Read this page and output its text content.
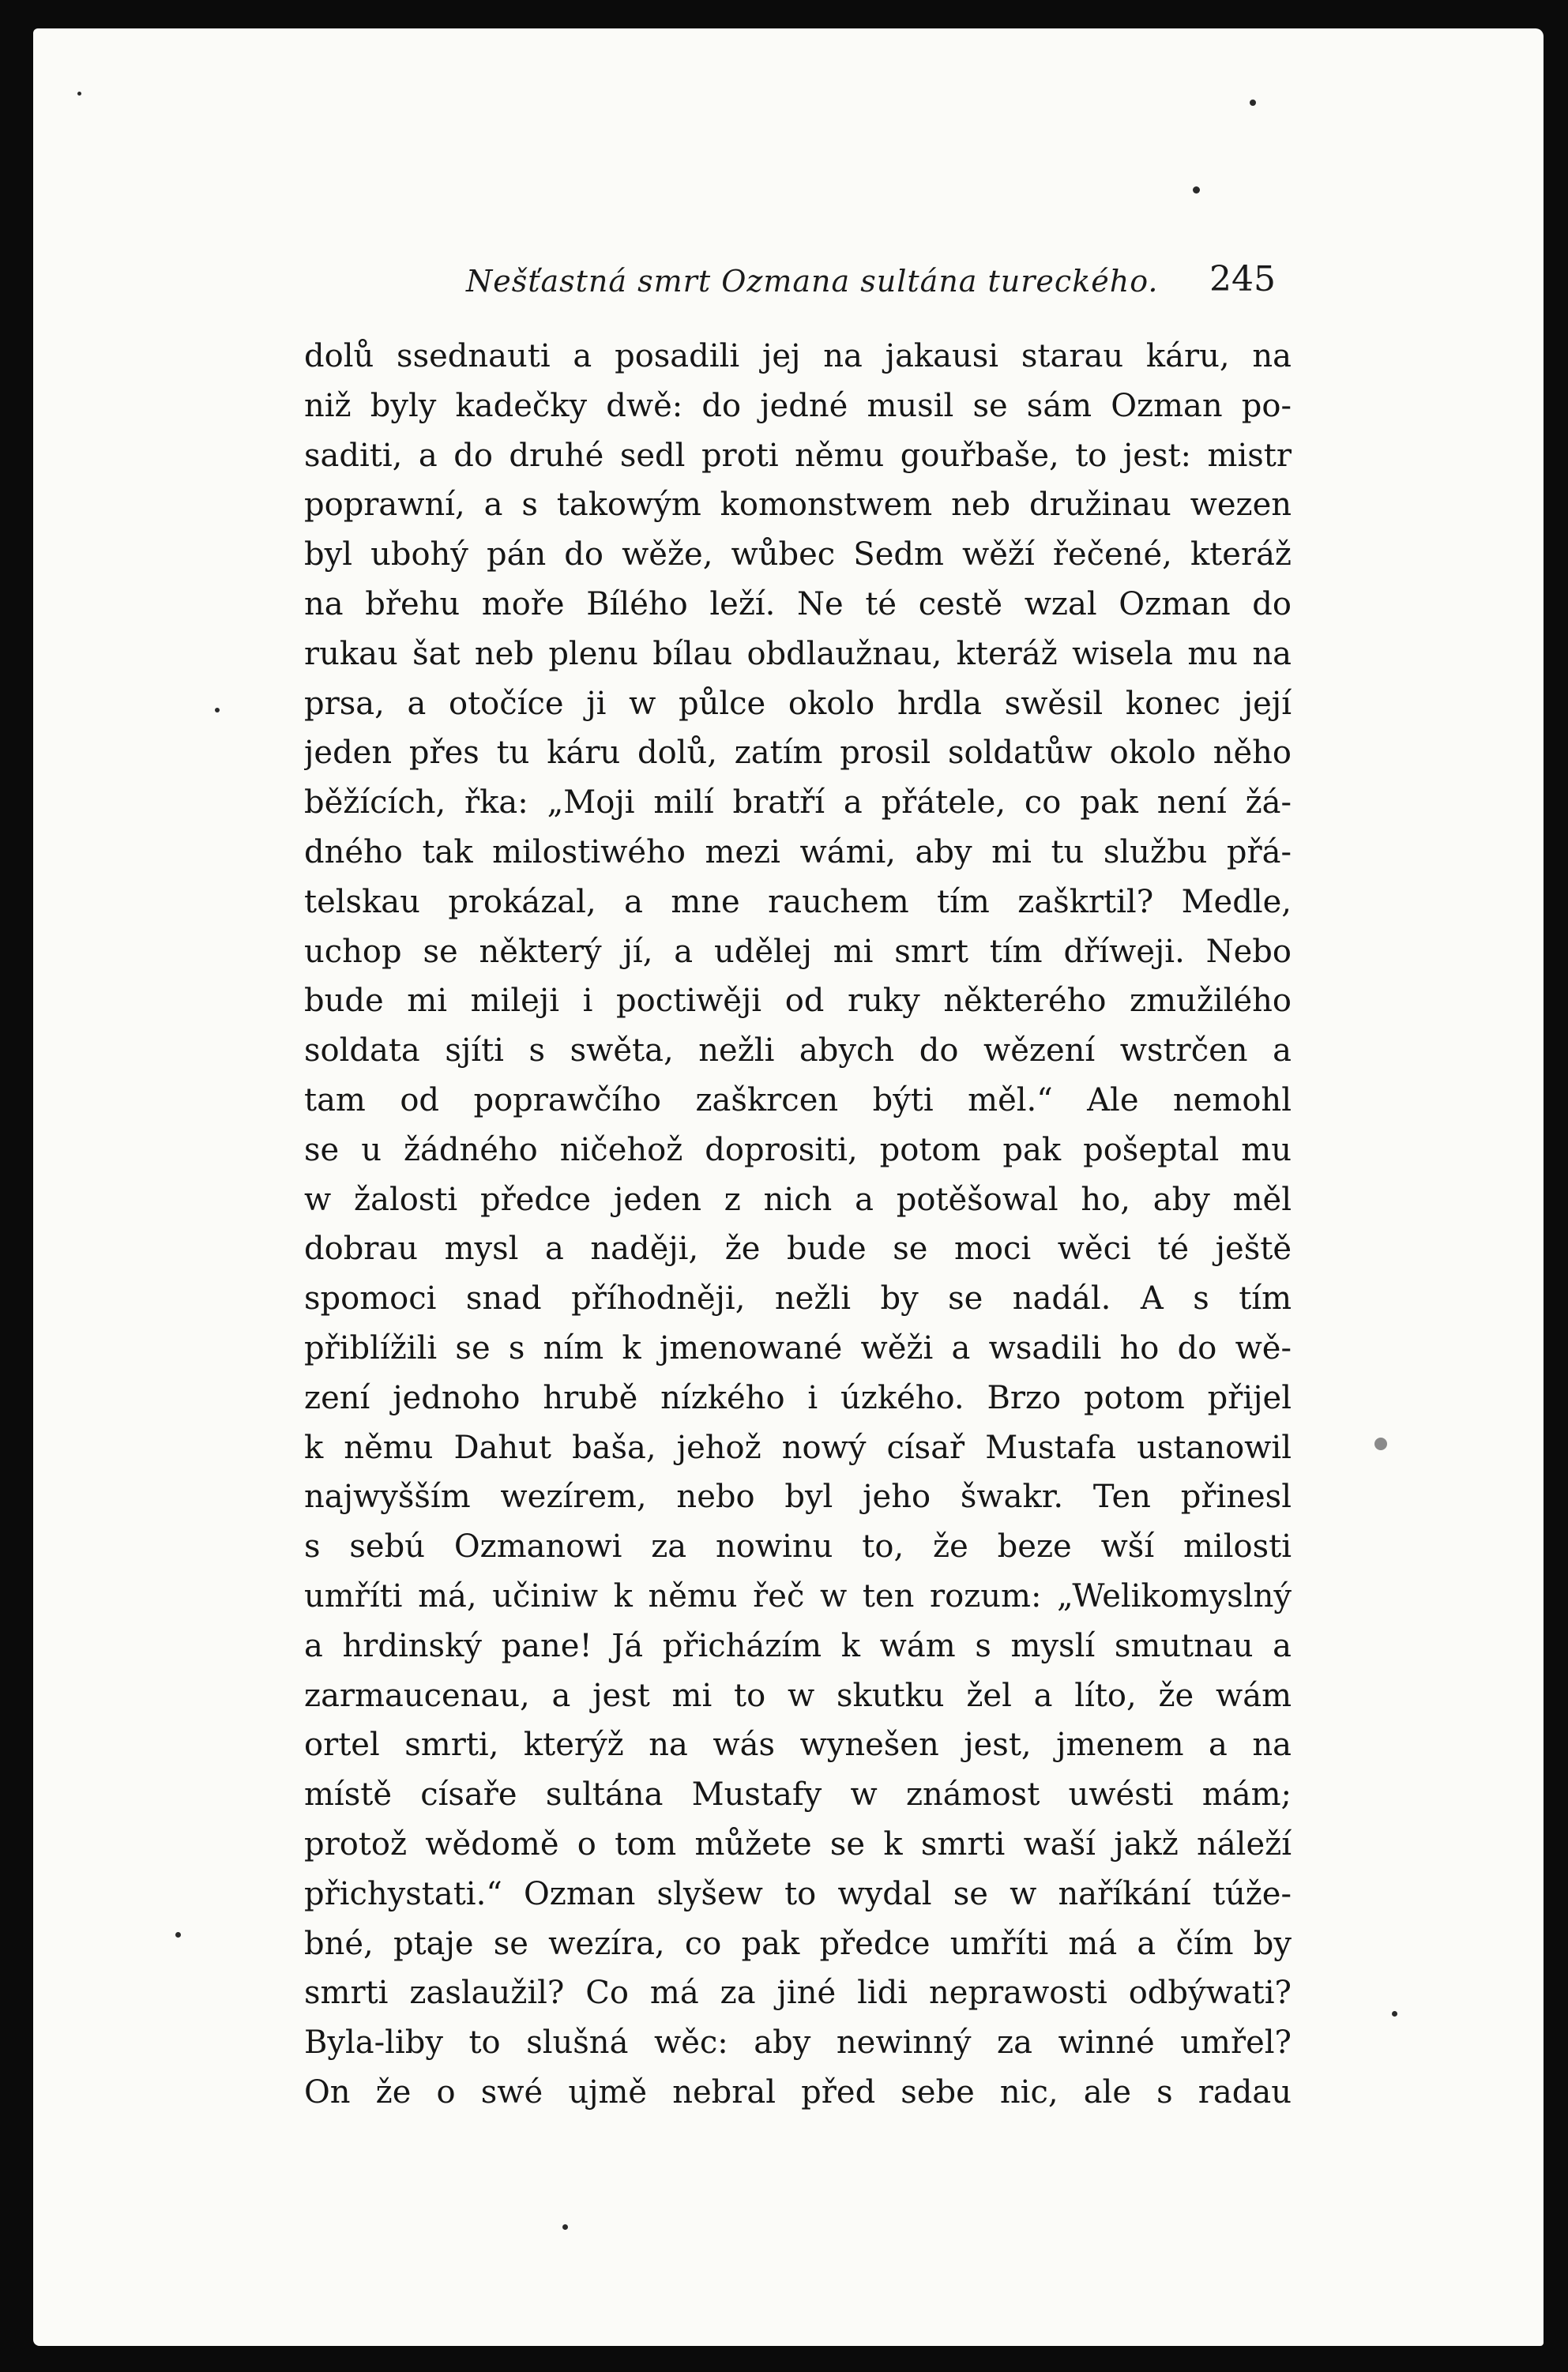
Nešťastná smrt Ozmana sultána tureckého. 245
dolů ssednauti a posadili jej na jakausi starau káru, na
niž byly kadečky dwě: do jedné musil se sám Ozman po-
saditi, a do druhé sedl proti němu gouřbaše, to jest: mistr
poprawní, a s takowým komonstwem neb družinau wezen
byl ubohý pán do wěže, wůbec Sedm wěží řečené, kteráž
na břehu moře Bílého leží. Ne té cestě wzal Ozman do
rukau šat neb plenu bílau obdlaužnau, kteráž wisela mu na
prsa, a otočíce ji w půlce okolo hrdla swěsil konec její
jeden přes tu káru dolů, zatím prosil soldatůw okolo něho
běžících, řka: „Moji milí bratří a přátele, co pak není žá-
dného tak milostiwého mezi wámi, aby mi tu službu přá-
telskau prokázal, a mne rauchem tím zaškrtil? Medle,
uchop se některý jí, a udělej mi smrt tím dříweji. Nebo
bude mi mileji i poctiwěji od ruky některého zmužilého
soldata sjíti s swěta, nežli abych do wězení wstrčen a
tam od poprawčího zaškrcen býti měl.“ Ale nemohl
se u žádného ničehož doprositi, potom pak pošeptal mu
w žalosti předce jeden z nich a potěšowal ho, aby měl
dobrau mysl a naději, že bude se moci wěci té ještě
spomoci snad příhodněji, nežli by se nadál. A s tím
přiblížili se s ním k jmenowané wěži a wsadili ho do wě-
zení jednoho hrubě nízkého i úzkého. Brzo potom přijel
k němu Dahut baša, jehož nowý císař Mustafa ustanowil
najwyšším wezírem, nebo byl jeho šwakr. Ten přinesl
s sebú Ozmanowi za nowinu to, že beze wší milosti
umříti má, učiniw k němu řeč w ten rozum: „Welikomyslný
a hrdinský pane! Já přicházím k wám s myslí smutnau a
zarmaucenau, a jest mi to w skutku žel a líto, že wám
ortel smrti, kterýž na wás wynešen jest, jmenem a na
místě císaře sultána Mustafy w známost uwésti mám;
protož wědomě o tom můžete se k smrti waší jakž náleží
přichystati.“ Ozman slyšew to wydal se w naříkání túže-
bné, ptaje se wezíra, co pak předce umříti má a čím by
smrti zaslaužil? Co má za jiné lidi neprawosti odbýwati?
Byla-liby to slušná wěc: aby newinný za winné umřel?
On že o swé ujmě nebral před sebe nic, ale s radau
